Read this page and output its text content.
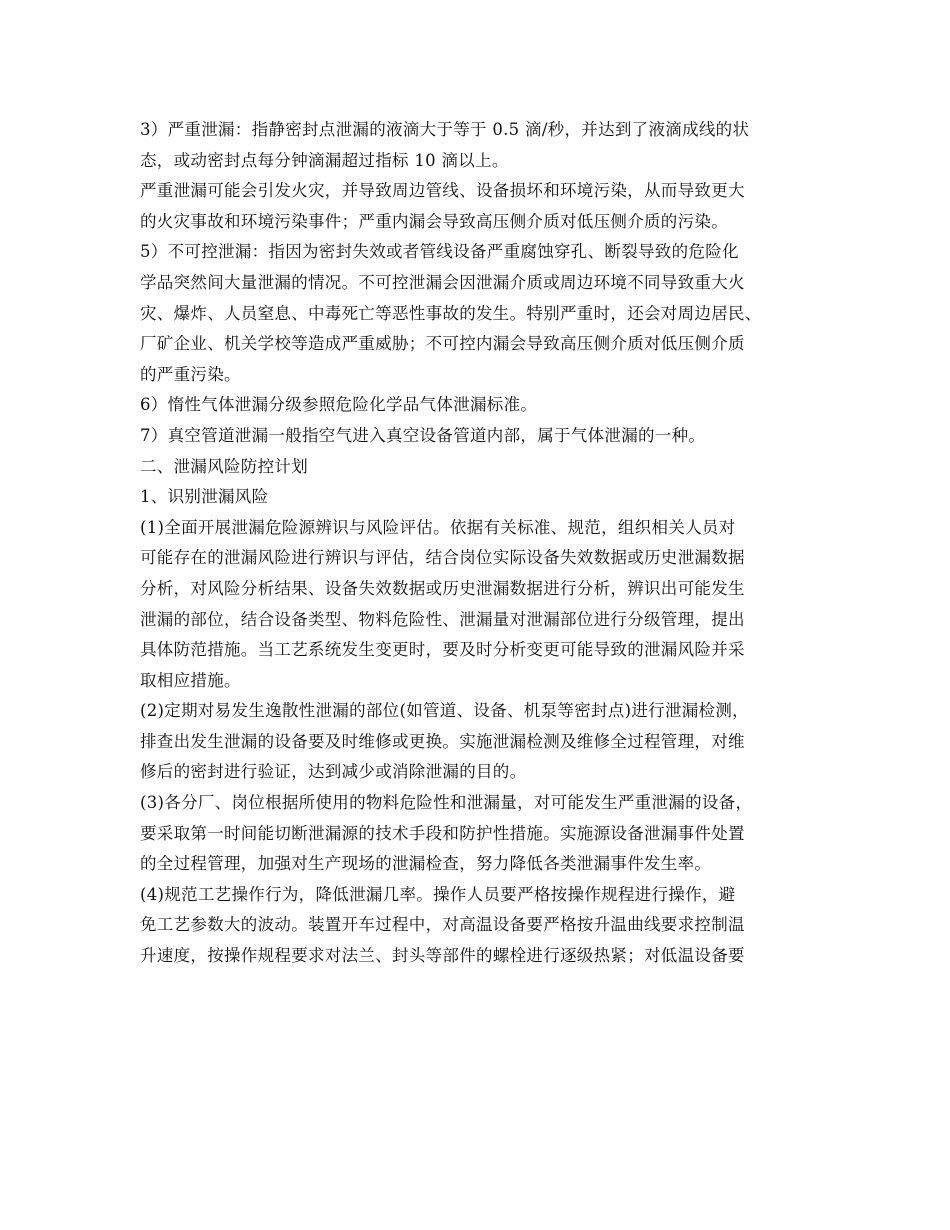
3）严重泄漏：指静密封点泄漏的液滴大于等于 0.5 滴/秒，并达到了液滴成线的状
态，或动密封点每分钟滴漏超过指标 10 滴以上。
严重泄漏可能会引发火灾，并导致周边管线、设备损坏和环境污染，从而导致更大
的火灾事故和环境污染事件；严重内漏会导致高压侧介质对低压侧介质的污染。
5）不可控泄漏：指因为密封失效或者管线设备严重腐蚀穿孔、断裂导致的危险化
学品突然间大量泄漏的情况。不可控泄漏会因泄漏介质或周边环境不同导致重大火
灾、爆炸、人员窒息、中毒死亡等恶性事故的发生。特别严重时，还会对周边居民、
厂矿企业、机关学校等造成严重威胁；不可控内漏会导致高压侧介质对低压侧介质
的严重污染。
6）惰性气体泄漏分级参照危险化学品气体泄漏标准。
7）真空管道泄漏一般指空气进入真空设备管道内部，属于气体泄漏的一种。
二、泄漏风险防控计划
1、识别泄漏风险
(1)全面开展泄漏危险源辨识与风险评估。依据有关标准、规范，组织相关人员对
可能存在的泄漏风险进行辨识与评估，结合岗位实际设备失效数据或历史泄漏数据
分析，对风险分析结果、设备失效数据或历史泄漏数据进行分析，辨识出可能发生
泄漏的部位，结合设备类型、物料危险性、泄漏量对泄漏部位进行分级管理，提出
具体防范措施。当工艺系统发生变更时，要及时分析变更可能导致的泄漏风险并采
取相应措施。
(2)定期对易发生逸散性泄漏的部位(如管道、设备、机泵等密封点)进行泄漏检测，
排查出发生泄漏的设备要及时维修或更换。实施泄漏检测及维修全过程管理，对维
修后的密封进行验证，达到减少或消除泄漏的目的。
(3)各分厂、岗位根据所使用的物料危险性和泄漏量，对可能发生严重泄漏的设备，
要采取第一时间能切断泄漏源的技术手段和防护性措施。实施源设备泄漏事件处置
的全过程管理，加强对生产现场的泄漏检查，努力降低各类泄漏事件发生率。
(4)规范工艺操作行为，降低泄漏几率。操作人员要严格按操作规程进行操作，避
免工艺参数大的波动。装置开车过程中，对高温设备要严格按升温曲线要求控制温
升速度，按操作规程要求对法兰、封头等部件的螺栓进行逐级热紧；对低温设备要
